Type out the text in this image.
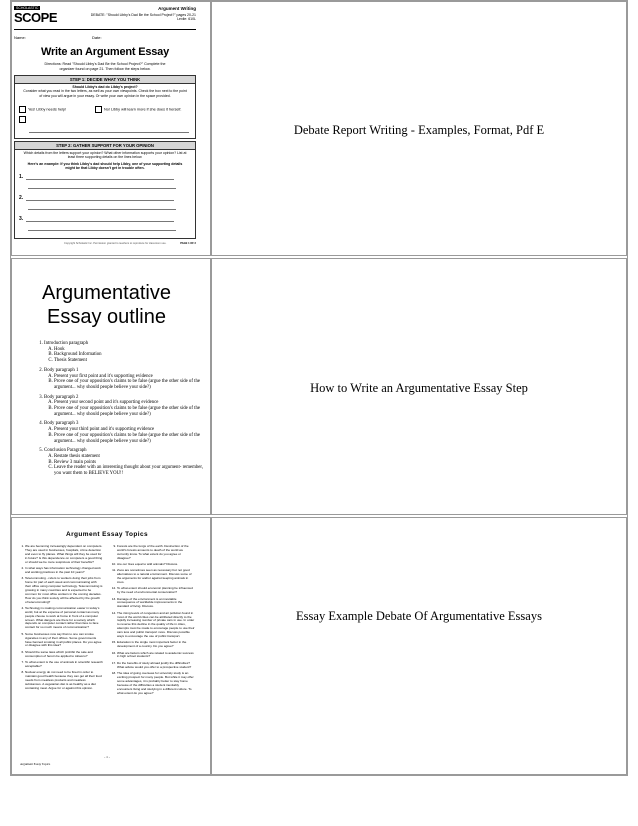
SCHOLASTIC
SCOPE
Argument Writing
DEBATE: "Should Libby's Dad Be the School Project?" pages 20-21 Lexile: 610L
Name:	Date:
Write an Argument Essay
Directions: Read "Should Libby's Dad Be the School Project?" Complete the organizer found on page 21. Then follow the steps below.
STEP 1: DECIDE WHAT YOU THINK
Should Libby's dad do Libby's project?
Consider what you read in the two letters, as well as your own viewpoints. Check the box next to the point of view you will argue in your essay. Or write your own opinion in the space provided.
Yes! Libby needs help!	No! Libby will learn more if she does it herself.
STEP 2: GATHER SUPPORT FOR YOUR OPINION
Which details from the letters support your opinion? What other information supports your opinion? List at least three supporting details on the lines below.
Here's an example: If you think Libby's dad should help Libby, one of your supporting details might be that Libby doesn't get in trouble often.
1.
2.
3.
PAGE 1 OF 2
Copyright Scholastic Inc. Permission granted to teachers to reproduce for classroom use.
Debate Report Writing - Examples, Format, Pdf E
Argumentative
Essay outline
1. Introduction paragraph
A. Hook
B. Background Information
C. Thesis Statement
2. Body paragraph 1
A. Present your first point and it's supporting evidence
B. Prove one of your opposition's claims to be false (argue the other side of the argument... why should people believe your side?)
3. Body paragraph 2
A. Present your second point and it's supporting evidence
B. Prove one of your opposition's claims to be false (argue the other side of the argument... why should people believe your side?)
4. Body paragraph 3
A. Present your third point and it's supporting evidence
B. Prove one of your opposition's claims to be false (argue the other side of the argument... why should people believe your side?)
5. Conclusion Paragraph
A. Restate thesis statement
B. Review 3 main points
C. Leave the reader with an interesting thought about your argument- remember, you want them to BELIEVE YOU!!
How to Write an Argumentative Essay Step
Argument Essay Topics
1. We are becoming increasingly dependent on computers. They are used in businesses, hospitals, crime detection and even to fly planes. What things will they be used for in future? Is this dependence on computers a good thing or should we be more suspicious of their benefits?
2. In what ways has information technology changed work and working practices in the past 10 years?
3. Telecommuting - refers to workers doing their jobs from home for part of each week and communicating with their office using computer technology. Telecommuting is growing in many countries and is expected to be common for most office workers in the coming decades. How do you think society will be affected by the growth of telecommuting?
4. Technology is making communication easier in today's world, but at the expense of personal contact as many people choose to work at home in front of a computer screen. What dangers are there for a society which depends on computer contact rather than face to face contact for so much means of communication?
5. Some businesses now say that no one can smoke cigarettes in any of their offices. Some governments have banned smoking in all public places. Do you agree or disagree with this idea?
6. Should the same laws which prohibit the sale and consumption of heroin be applied to tobacco?
7. To what extent is the use of animals in scientific research acceptable?
8. Nuclear energy do not need to be fined in order to maintain good health because they can get all their food needs from meatless products and meatless substances. A vegetarian diet is as healthy as a diet containing meat. Argue for or against this opinion.
9. Forests are the lungs of the earth. Destruction of the world's forests amounts to death of the world we currently know. To what extent do you agree or disagree?
10. Are our lives equal to wild animals? Discuss.
11. Zoos are sometimes seen as necessary but not good alternatives to a natural environment. Discuss some of the arguments for and/or against keeping animals in zoos.
12. To what extent should economic planning be influenced by the need of environmental conservation?
13. Damage of the environment is an inevitable consequence of worldwide improvements in the standard of living. Discuss.
14. The rising levels of congestion and air pollution found in most of the world cities can be attributed directly to the rapidly increasing number of private cars in use. In order to reverse this decline in the quality of life in cities, attempts must be made to encourage people to use their cars less and public transport more. Discuss possible ways to encourage the use of public transport.
15. Education is the single most important factor in the development of a country. Do you agree?
16. What are factors which are related to academic success in high school students?
17. Do the benefits of study abroad justify the difficulties? What advice would you offer to a prospective student?
18. The idea of going overseas for university study is an exciting prospect for many people. But while it may offer some advantages, it is probably better to stay home because of the difficulties a student inevitably encounters living and studying in a different culture. To what extent do you agree?
- 1 -
Argument Essay Topics
Essay Example Debate Of Argumentative Essays
